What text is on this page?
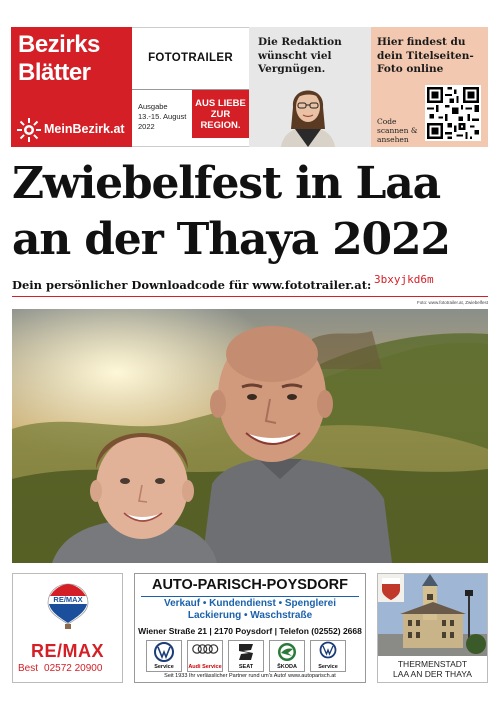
Bezirks
Blätter
MeinBezirk.at
FOTOTRAILER
Ausgabe
13.-15. August 2022
AUS LIEBE ZUR REGION.
Die Redaktion wünscht viel Vergnügen.
Hier findest du dein Titelseiten-Foto online
Code scannen & ansehen
Zwiebelfest in Laa an der Thaya 2022
Dein persönlicher Downloadcode für www.fototrailer.at: 3bxyjkd6m
Foto: www.fototrailer.at, Zwiebelfest
RE/MAX
RE/MAX
Best 02572 20900
AUTO-PARISCH-POYSDORF
Verkauf • Kundendienst • Spenglerei
Lackierung • Waschstraße
Wiener Straße 21 | 2170 Poysdorf | Telefon (02552) 2668
Service	Audi Service	SEAT	ŠKODA	Service
Seit 1933 Ihr verlässlicher Partner rund um's Auto! www.autoparisch.at
THERMENSTADT
LAA AN DER THAYA
